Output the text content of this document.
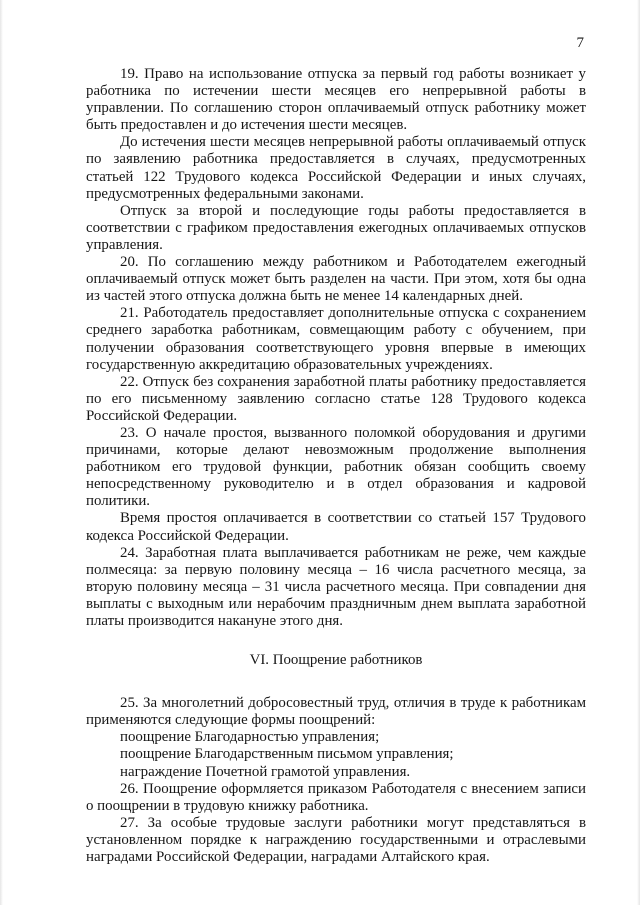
7

19. Право на использование отпуска за первый год работы возникает у работника по истечении шести месяцев его непрерывной работы в управлении. По соглашению сторон оплачиваемый отпуск работнику может быть предоставлен и до истечения шести месяцев.

До истечения шести месяцев непрерывной работы оплачиваемый отпуск по заявлению работника предоставляется в случаях, предусмотренных статьей 122 Трудового кодекса Российской Федерации и иных случаях, предусмотренных федеральными законами.

Отпуск за второй и последующие годы работы предоставляется в соответствии с графиком предоставления ежегодных оплачиваемых отпусков управления.

20. По соглашению между работником и Работодателем ежегодный оплачиваемый отпуск может быть разделен на части. При этом, хотя бы одна из частей этого отпуска должна быть не менее 14 календарных дней.

21. Работодатель предоставляет дополнительные отпуска с сохранением среднего заработка работникам, совмещающим работу с обучением, при получении образования соответствующего уровня впервые в имеющих государственную аккредитацию образовательных учреждениях.

22. Отпуск без сохранения заработной платы работнику предоставляется по его письменному заявлению согласно статье 128 Трудового кодекса Российской Федерации.

23. О начале простоя, вызванного поломкой оборудования и другими причинами, которые делают невозможным продолжение выполнения работником его трудовой функции, работник обязан сообщить своему непосредственному руководителю и в отдел образования и кадровой политики.

Время простоя оплачивается в соответствии со статьей 157 Трудового кодекса Российской Федерации.

24. Заработная плата выплачивается работникам не реже, чем каждые полмесяца: за первую половину месяца – 16 числа расчетного месяца, за вторую половину месяца – 31 числа расчетного месяца. При совпадении дня выплаты с выходным или нерабочим праздничным днем выплата заработной платы производится накануне этого дня.

VI. Поощрение работников

25. За многолетний добросовестный труд, отличия в труде к работникам применяются следующие формы поощрений:

поощрение Благодарностью управления;

поощрение Благодарственным письмом управления;

награждение Почетной грамотой управления.

26. Поощрение оформляется приказом Работодателя с внесением записи о поощрении в трудовую книжку работника.

27. За особые трудовые заслуги работники могут представляться в установленном порядке к награждению государственными и отраслевыми наградами Российской Федерации, наградами Алтайского края.
